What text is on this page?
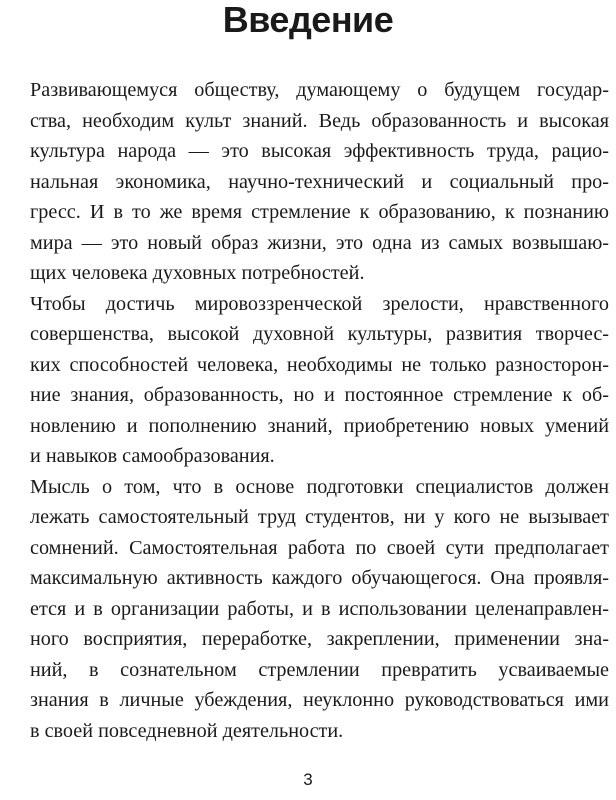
Введение
Развивающемуся обществу, думающему о будущем государ-
ства, необходим культ знаний. Ведь образованность и высокая
культура народа — это высокая эффективность труда, рацио-
нальная экономика, научно-технический и социальный про-
гресс. И в то же время стремление к образованию, к познанию
мира — это новый образ жизни, это одна из самых возвышаю-
щих человека духовных потребностей.
Чтобы достичь мировоззренческой зрелости, нравственного
совершенства, высокой духовной культуры, развития творчес-
ких способностей человека, необходимы не только разносторон-
ние знания, образованность, но и постоянное стремление к об-
новлению и пополнению знаний, приобретению новых умений
и навыков самообразования.
Мысль о том, что в основе подготовки специалистов должен
лежать самостоятельный труд студентов, ни у кого не вызывает
сомнений. Самостоятельная работа по своей сути предполагает
максимальную активность каждого обучающегося. Она проявля-
ется и в организации работы, и в использовании целенаправлен-
ного восприятия, переработке, закреплении, применении зна-
ний, в сознательном стремлении превратить усваиваемые
знания в личные убеждения, неуклонно руководствоваться ими
в своей повседневной деятельности.
3
